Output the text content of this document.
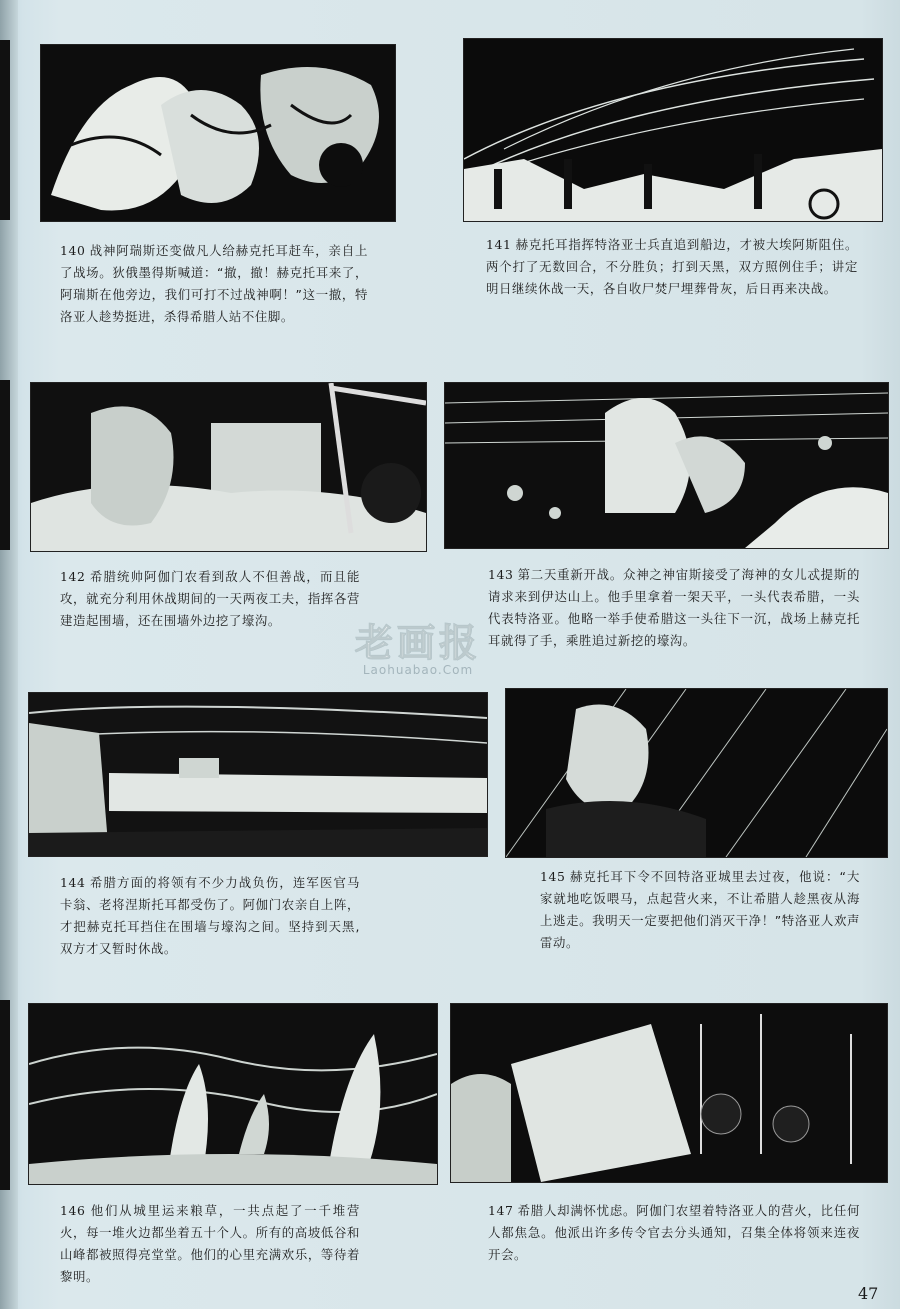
140 战神阿瑞斯还变做凡人给赫克托耳赶车，亲自上了战场。狄俄墨得斯喊道：“撤，撤！赫克托耳来了，阿瑞斯在他旁边，我们可打不过战神啊！”这一撤，特洛亚人趁势挺进，杀得希腊人站不住脚。
141 赫克托耳指挥特洛亚士兵直追到船边，才被大埃阿斯阻住。两个打了无数回合，不分胜负；打到天黑，双方照例住手；讲定明日继续休战一天，各自收尸焚尸埋葬骨灰，后日再来决战。
142 希腊统帅阿伽门农看到敌人不但善战，而且能攻，就充分利用休战期间的一天两夜工夫，指挥各营建造起围墙，还在围墙外边挖了壕沟。
143 第二天重新开战。众神之神宙斯接受了海神的女儿忒提斯的请求来到伊达山上。他手里拿着一架天平，一头代表希腊，一头代表特洛亚。他略一举手使希腊这一头往下一沉，战场上赫克托耳就得了手，乘胜追过新挖的壕沟。
144 希腊方面的将领有不少力战负伤，连军医官马卡翁、老将涅斯托耳都受伤了。阿伽门农亲自上阵，才把赫克托耳挡住在围墙与壕沟之间。坚持到天黑,双方才又暂时休战。
145 赫克托耳下令不回特洛亚城里去过夜，他说：“大家就地吃饭喂马，点起营火来，不让希腊人趁黑夜从海上逃走。我明天一定要把他们消灭干净！”特洛亚人欢声雷动。
146 他们从城里运来粮草，一共点起了一千堆营火，每一堆火边都坐着五十个人。所有的高坡低谷和山峰都被照得亮堂堂。他们的心里充满欢乐，等待着黎明。
147 希腊人却满怀忧虑。阿伽门农望着特洛亚人的营火，比任何人都焦急。他派出许多传令官去分头通知，召集全体将领来连夜开会。
老画报
Laohuabao.Com
47
